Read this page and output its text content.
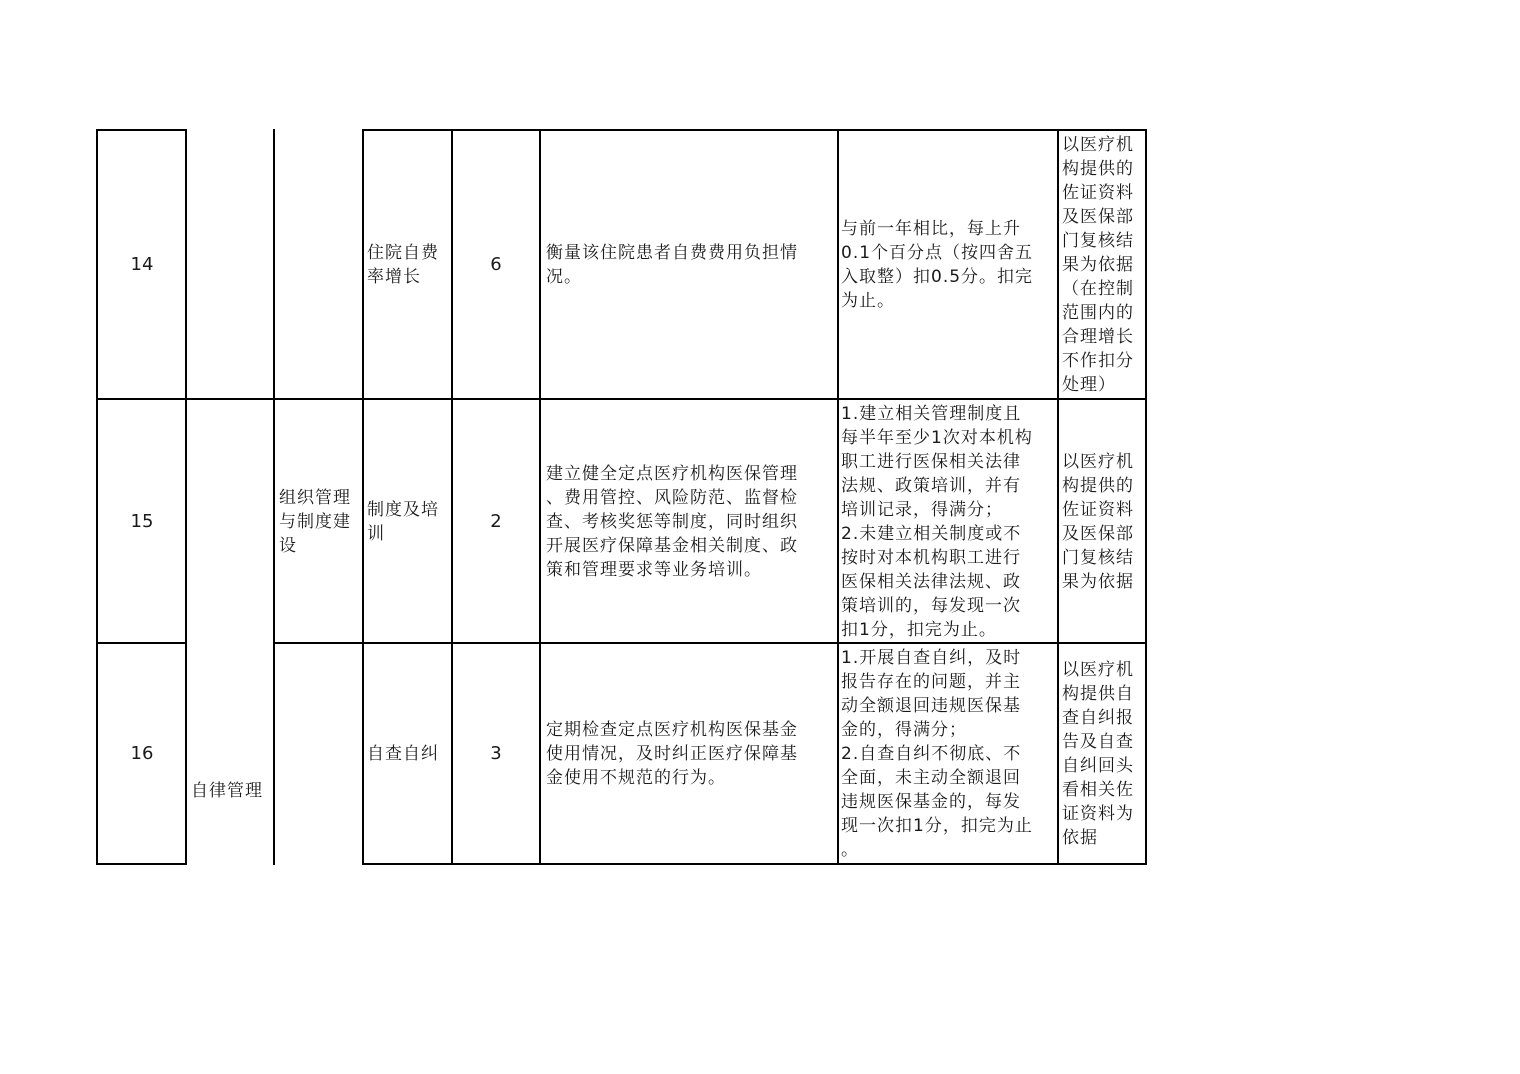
14
住院自费
率增长
6
衡量该住院患者自费费用负担情
况。
与前一年相比，每上升
0.1个百分点（按四舍五
入取整）扣0.5分。扣完
为止。
以医疗机
构提供的
佐证资料
及医保部
门复核结
果为依据
（在控制
范围内的
合理增长
不作扣分
处理）
15
组织管理
与制度建
设
制度及培
训
2
建立健全定点医疗机构医保管理
、费用管控、风险防范、监督检
查、考核奖惩等制度，同时组织
开展医疗保障基金相关制度、政
策和管理要求等业务培训。
1.建立相关管理制度且
每半年至少1次对本机构
职工进行医保相关法律
法规、政策培训，并有
培训记录，得满分；
2.未建立相关制度或不
按时对本机构职工进行
医保相关法律法规、政
策培训的，每发现一次
扣1分，扣完为止。
以医疗机
构提供的
佐证资料
及医保部
门复核结
果为依据
16
自律管理
自查自纠	3
定期检查定点医疗机构医保基金
使用情况，及时纠正医疗保障基
金使用不规范的行为。
1.开展自查自纠，及时
报告存在的问题，并主
动全额退回违规医保基
金的，得满分；
2.自查自纠不彻底、不
全面，未主动全额退回
违规医保基金的，每发
现一次扣1分，扣完为止
。
以医疗机
构提供自
查自纠报
告及自查
自纠回头
看相关佐
证资料为
依据
